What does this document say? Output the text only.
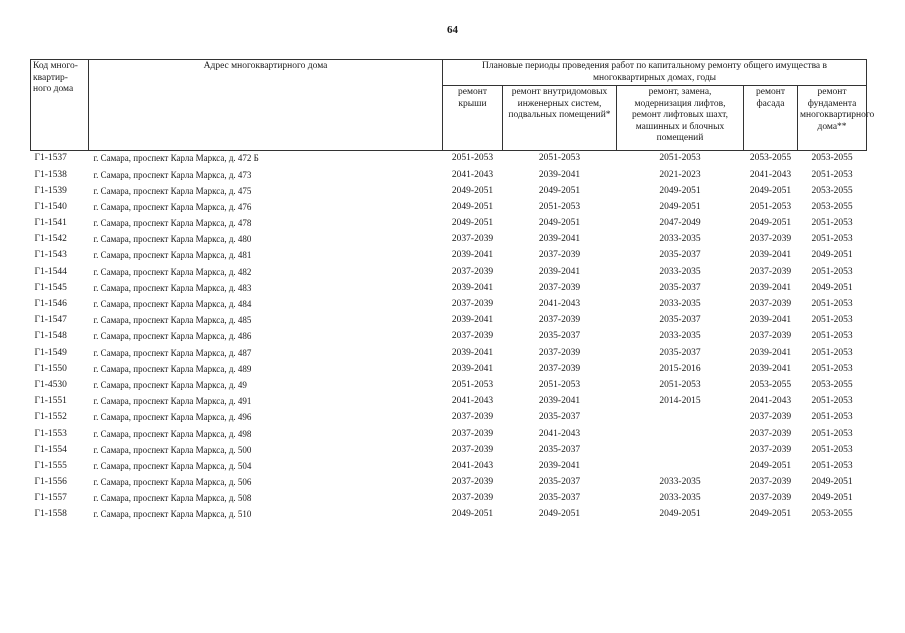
64
Код много-квартир-ного дома	Адрес многоквартирного дома	Плановые периоды проведения работ по капитальному ремонту общего имущества в многоквартирных домах, годы				
		ремонт крыши	ремонт внутридомовых инженерных систем, подвальных помещений*	ремонт, замена, модернизация лифтов, ремонт лифтовых шахт, машинных и блочных помещений	ремонт фасада	ремонт фундамента многоквартирного дома**
Г1-1537	г. Самара, проспект Карла Маркса, д. 472 Б	2051-2053	2051-2053	2051-2053	2053-2055	2053-2055
Г1-1538	г. Самара, проспект Карла Маркса, д. 473	2041-2043	2039-2041	2021-2023	2041-2043	2051-2053
Г1-1539	г. Самара, проспект Карла Маркса, д. 475	2049-2051	2049-2051	2049-2051	2049-2051	2053-2055
Г1-1540	г. Самара, проспект Карла Маркса, д. 476	2049-2051	2051-2053	2049-2051	2051-2053	2053-2055
Г1-1541	г. Самара, проспект Карла Маркса, д. 478	2049-2051	2049-2051	2047-2049	2049-2051	2051-2053
Г1-1542	г. Самара, проспект Карла Маркса, д. 480	2037-2039	2039-2041	2033-2035	2037-2039	2051-2053
Г1-1543	г. Самара, проспект Карла Маркса, д. 481	2039-2041	2037-2039	2035-2037	2039-2041	2049-2051
Г1-1544	г. Самара, проспект Карла Маркса, д. 482	2037-2039	2039-2041	2033-2035	2037-2039	2051-2053
Г1-1545	г. Самара, проспект Карла Маркса, д. 483	2039-2041	2037-2039	2035-2037	2039-2041	2049-2051
Г1-1546	г. Самара, проспект Карла Маркса, д. 484	2037-2039	2041-2043	2033-2035	2037-2039	2051-2053
Г1-1547	г. Самара, проспект Карла Маркса, д. 485	2039-2041	2037-2039	2035-2037	2039-2041	2051-2053
Г1-1548	г. Самара, проспект Карла Маркса, д. 486	2037-2039	2035-2037	2033-2035	2037-2039	2051-2053
Г1-1549	г. Самара, проспект Карла Маркса, д. 487	2039-2041	2037-2039	2035-2037	2039-2041	2051-2053
Г1-1550	г. Самара, проспект Карла Маркса, д. 489	2039-2041	2037-2039	2015-2016	2039-2041	2051-2053
Г1-4530	г. Самара, проспект Карла Маркса, д. 49	2051-2053	2051-2053	2051-2053	2053-2055	2053-2055
Г1-1551	г. Самара, проспект Карла Маркса, д. 491	2041-2043	2039-2041	2014-2015	2041-2043	2051-2053
Г1-1552	г. Самара, проспект Карла Маркса, д. 496	2037-2039	2035-2037		2037-2039	2051-2053
Г1-1553	г. Самара, проспект Карла Маркса, д. 498	2037-2039	2041-2043		2037-2039	2051-2053
Г1-1554	г. Самара, проспект Карла Маркса, д. 500	2037-2039	2035-2037		2037-2039	2051-2053
Г1-1555	г. Самара, проспект Карла Маркса, д. 504	2041-2043	2039-2041		2049-2051	2051-2053
Г1-1556	г. Самара, проспект Карла Маркса, д. 506	2037-2039	2035-2037	2033-2035	2037-2039	2049-2051
Г1-1557	г. Самара, проспект Карла Маркса, д. 508	2037-2039	2035-2037	2033-2035	2037-2039	2049-2051
Г1-1558	г. Самара, проспект Карла Маркса, д. 510	2049-2051	2049-2051	2049-2051	2049-2051	2053-2055
